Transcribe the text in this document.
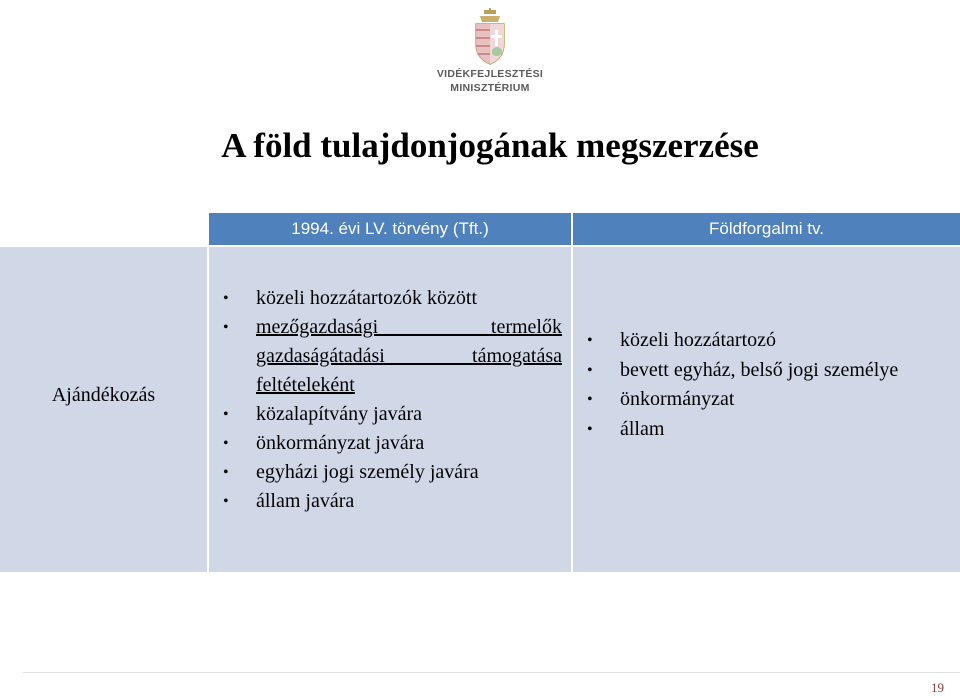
VIDÉKFEJLESZTÉSI
MINISZTÉRIUM
A föld tulajdonjogának megszerzése
1994. évi LV. törvény (Tft.)	Földforgalmi tv.
Ajándékozás
• közeli hozzátartozók között
• mezőgazdasági termelők
gazdaságátadási támogatása
feltételeként
• közalapítvány javára
• önkormányzat javára
• egyházi jogi személy javára
• állam javára
• közeli hozzátartozó
• bevett egyház, belső jogi személye
• önkormányzat
• állam
19
